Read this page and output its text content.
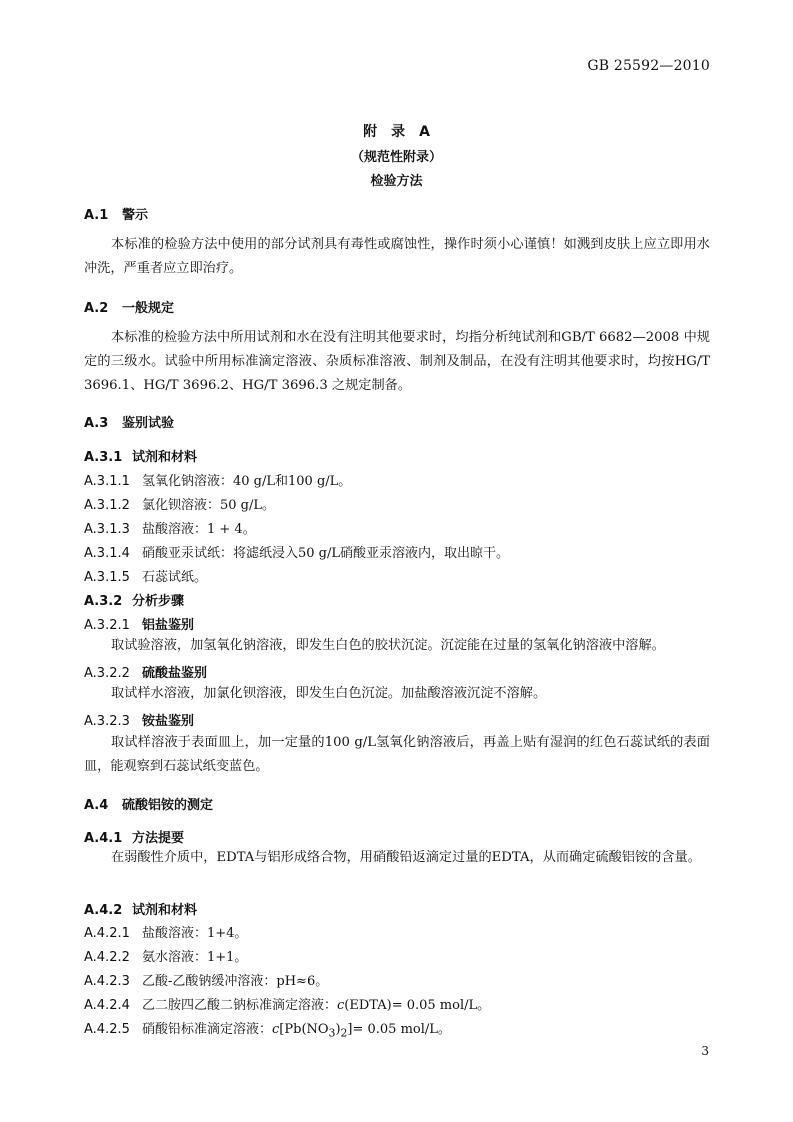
GB 25592—2010
附　录　A
（规范性附录）
检验方法
A.1 警示
本标准的检验方法中使用的部分试剂具有毒性或腐蚀性，操作时须小心谨慎！如溅到皮肤上应立即用水冲洗，严重者应立即治疗。
A.2 一般规定
本标准的检验方法中所用试剂和水在没有注明其他要求时，均指分析纯试剂和GB/T 6682—2008 中规定的三级水。试验中所用标准滴定溶液、杂质标准溶液、制剂及制品，在没有注明其他要求时，均按HG/T 3696.1、HG/T 3696.2、HG/T 3696.3 之规定制备。
A.3 鉴别试验
A.3.1 试剂和材料
A.3.1.1 氢氧化钠溶液：40 g/L和100 g/L。
A.3.1.2 氯化钡溶液：50 g/L。
A.3.1.3 盐酸溶液：1 + 4。
A.3.1.4 硝酸亚汞试纸：将滤纸浸入50 g/L硝酸亚汞溶液内，取出晾干。
A.3.1.5 石蕊试纸。
A.3.2 分析步骤
A.3.2.1 铝盐鉴别
取试验溶液，加氢氧化钠溶液，即发生白色的胶状沉淀。沉淀能在过量的氢氧化钠溶液中溶解。
A.3.2.2 硫酸盐鉴别
取试样水溶液，加氯化钡溶液，即发生白色沉淀。加盐酸溶液沉淀不溶解。
A.3.2.3 铵盐鉴别
取试样溶液于表面皿上，加一定量的100 g/L氢氧化钠溶液后，再盖上贴有湿润的红色石蕊试纸的表面皿，能观察到石蕊试纸变蓝色。
A.4 硫酸铝铵的测定
A.4.1 方法提要
在弱酸性介质中，EDTA与铝形成络合物，用硝酸铅返滴定过量的EDTA，从而确定硫酸铝铵的含量。
A.4.2 试剂和材料
A.4.2.1 盐酸溶液：1+4。
A.4.2.2 氨水溶液：1+1。
A.4.2.3 乙酸-乙酸钠缓冲溶液：pH≈6。
A.4.2.4 乙二胺四乙酸二钠标准滴定溶液：c(EDTA)= 0.05 mol/L。
A.4.2.5 硝酸铅标准滴定溶液：$c[Pb(NO_3)_2]= 0.05$ mol/L。
3
